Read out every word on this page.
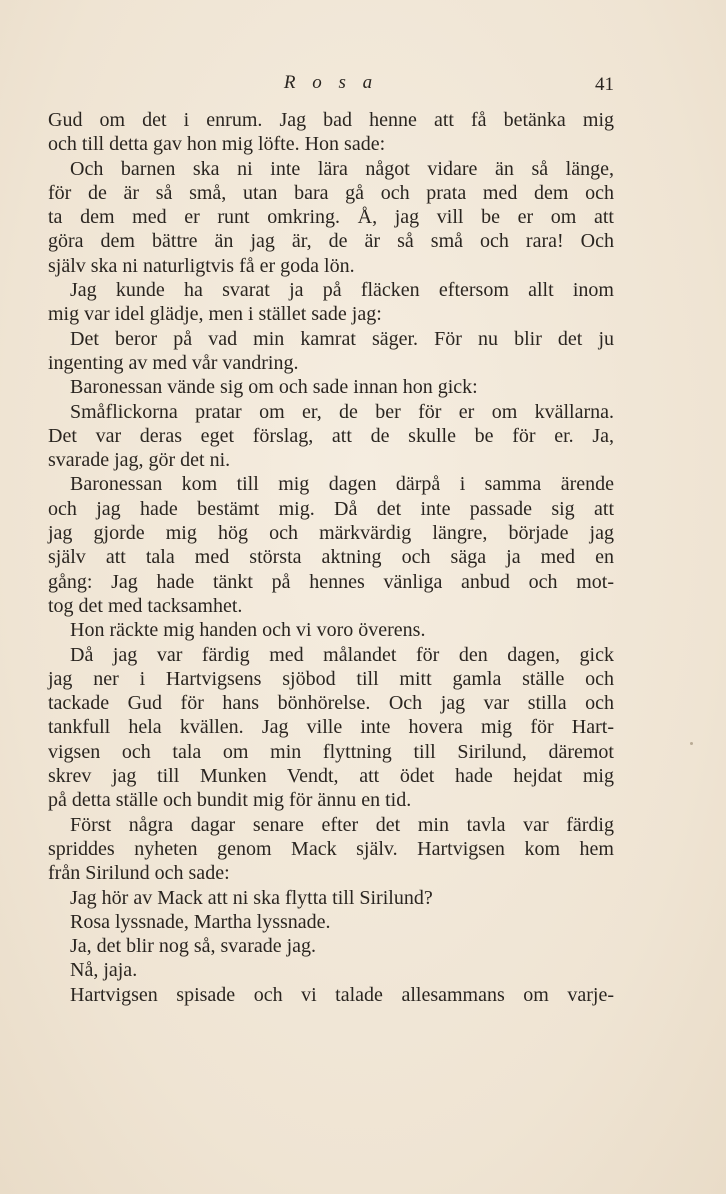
R o s a	41
Gud om det i enrum. Jag bad henne att få betänka mig
och till detta gav hon mig löfte. Hon sade:
Och barnen ska ni inte lära något vidare än så länge,
för de är så små, utan bara gå och prata med dem och
ta dem med er runt omkring. Å, jag vill be er om att
göra dem bättre än jag är, de är så små och rara! Och
själv ska ni naturligtvis få er goda lön.
Jag kunde ha svarat ja på fläcken eftersom allt inom
mig var idel glädje, men i stället sade jag:
Det beror på vad min kamrat säger. För nu blir det ju
ingenting av med vår vandring.
Baronessan vände sig om och sade innan hon gick:
Småflickorna pratar om er, de ber för er om kvällarna.
Det var deras eget förslag, att de skulle be för er. Ja,
svarade jag, gör det ni.
Baronessan kom till mig dagen därpå i samma ärende
och jag hade bestämt mig. Då det inte passade sig att
jag gjorde mig hög och märkvärdig längre, började jag
själv att tala med största aktning och säga ja med en
gång: Jag hade tänkt på hennes vänliga anbud och mot-
tog det med tacksamhet.
Hon räckte mig handen och vi voro överens.
Då jag var färdig med målandet för den dagen, gick
jag ner i Hartvigsens sjöbod till mitt gamla ställe och
tackade Gud för hans bönhörelse. Och jag var stilla och
tankfull hela kvällen. Jag ville inte hovera mig för Hart-
vigsen och tala om min flyttning till Sirilund, däremot
skrev jag till Munken Vendt, att ödet hade hejdat mig
på detta ställe och bundit mig för ännu en tid.
Först några dagar senare efter det min tavla var färdig
spriddes nyheten genom Mack själv. Hartvigsen kom hem
från Sirilund och sade:
Jag hör av Mack att ni ska flytta till Sirilund?
Rosa lyssnade, Martha lyssnade.
Ja, det blir nog så, svarade jag.
Nå, jaja.
Hartvigsen spisade och vi talade allesammans om varje-
